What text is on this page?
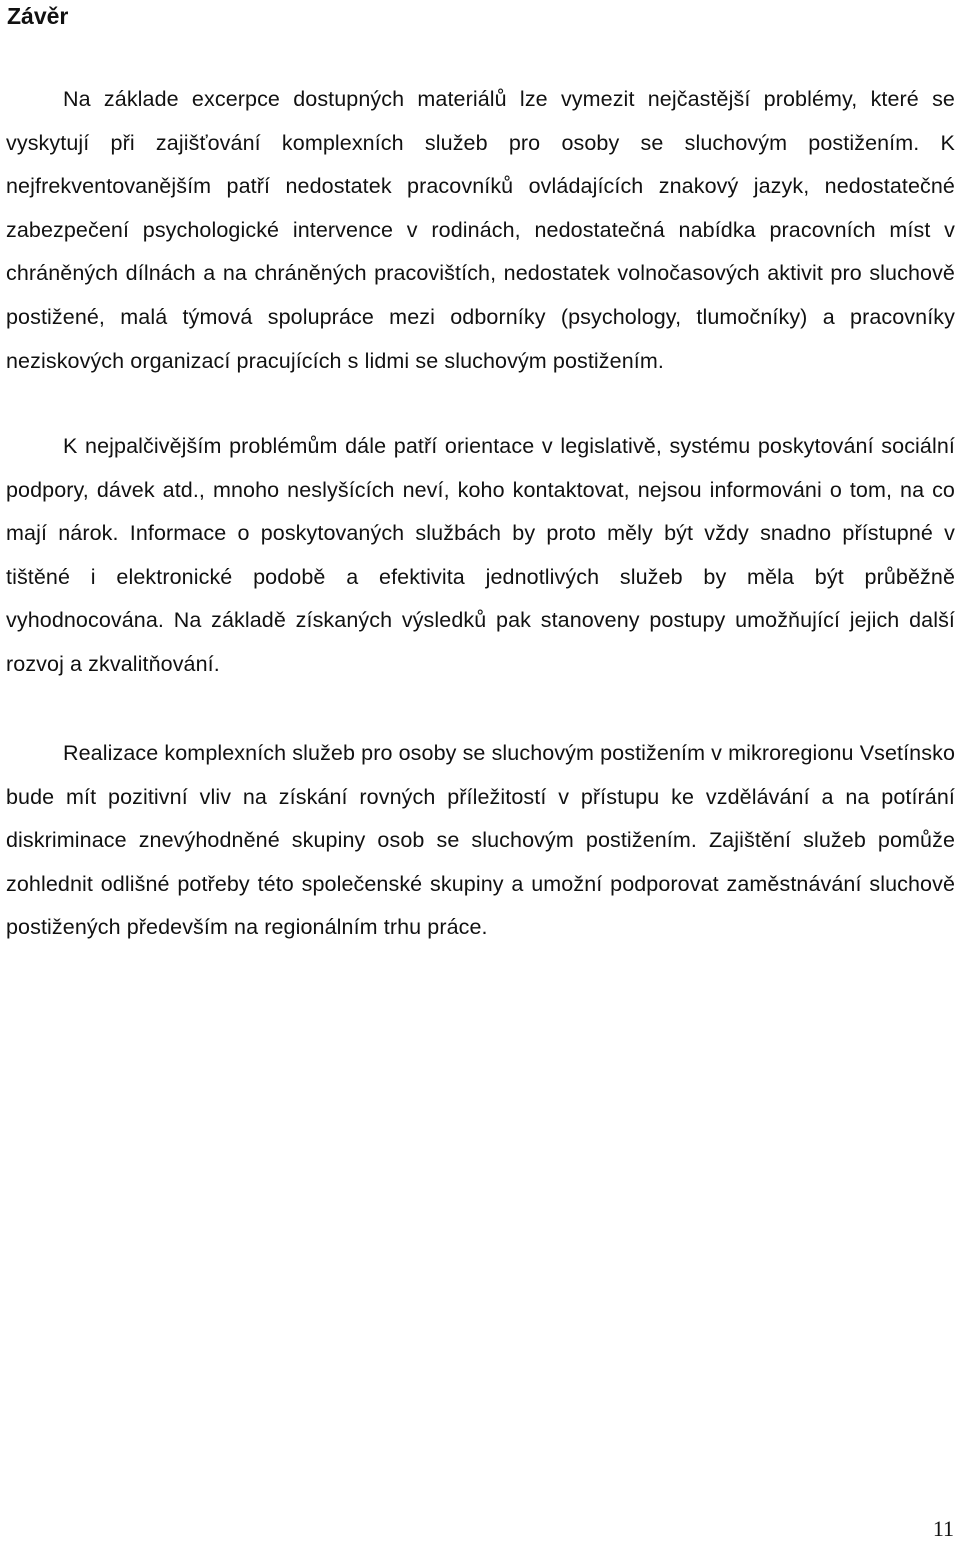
Závěr

Na základe excerpce dostupných materiálů lze vymezit nejčastější problémy, které se vyskytují při zajišťování komplexních služeb pro osoby se sluchovým postižením. K nejfrekventovanějším patří nedostatek pracovníků ovládajících znakový jazyk, nedostatečné zabezpečení psychologické intervence v rodinách, nedostatečná nabídka pracovních míst v chráněných dílnách a na chráněných pracovištích, nedostatek volnočasových aktivit pro sluchově postižené, malá týmová spolupráce mezi odborníky (psychology, tlumočníky) a pracovníky neziskových organizací pracujících s lidmi se sluchovým postižením.

K nejpalčivějším problémům dále patří orientace v legislativě, systému poskytování sociální podpory, dávek atd., mnoho neslyšících neví, koho kontaktovat, nejsou informováni o tom, na co mají nárok. Informace o poskytovaných službách by proto měly být vždy snadno přístupné v tištěné i elektronické podobě a efektivita jednotlivých služeb by měla být průběžně vyhodnocována. Na základě získaných výsledků pak stanoveny postupy umožňující jejich další rozvoj a zkvalitňování.

Realizace komplexních služeb pro osoby se sluchovým postižením v mikroregionu Vsetínsko bude mít pozitivní vliv na získání rovných příležitostí v přístupu ke vzdělávání a na potírání diskriminace znevýhodněné skupiny osob se sluchovým postižením. Zajištění služeb pomůže zohlednit odlišné potřeby této společenské skupiny a umožní podporovat zaměstnávání sluchově postižených především na regionálním trhu práce.

11
